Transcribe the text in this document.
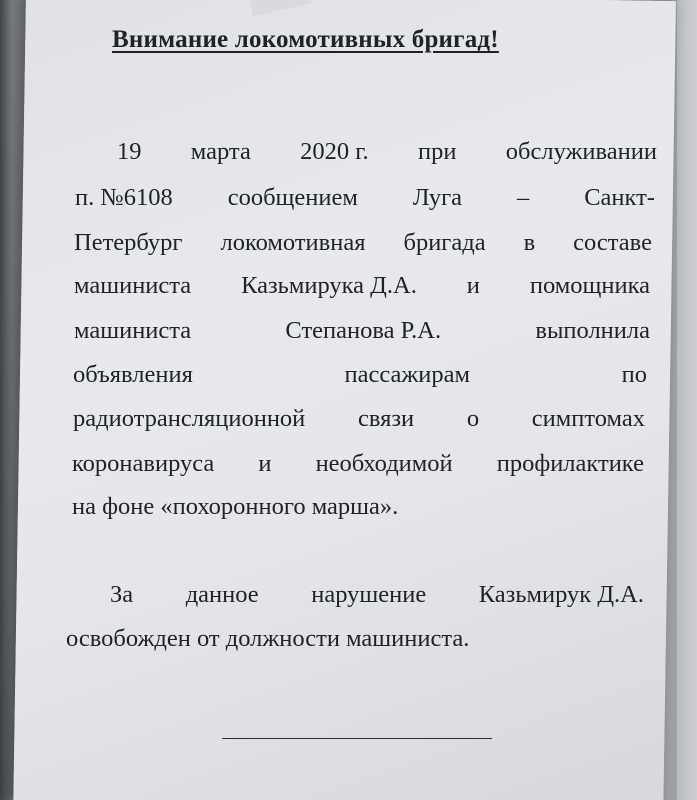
Внимание локомотивных бригад!
19 марта 2020 г. при обслуживании
п. №6108 сообщением Луга – Санкт-
Петербург локомотивная бригада в составе
машиниста Казьмирука Д.А. и помощника
машиниста	Степанова Р.А.	выполнила
объявления	пассажирам	по
радиотрансляционной связи о симптомах
коронавируса и необходимой профилактике
на фоне «похоронного марша».
За данное нарушение Казьмирук Д.А.
освобожден от должности машиниста.
